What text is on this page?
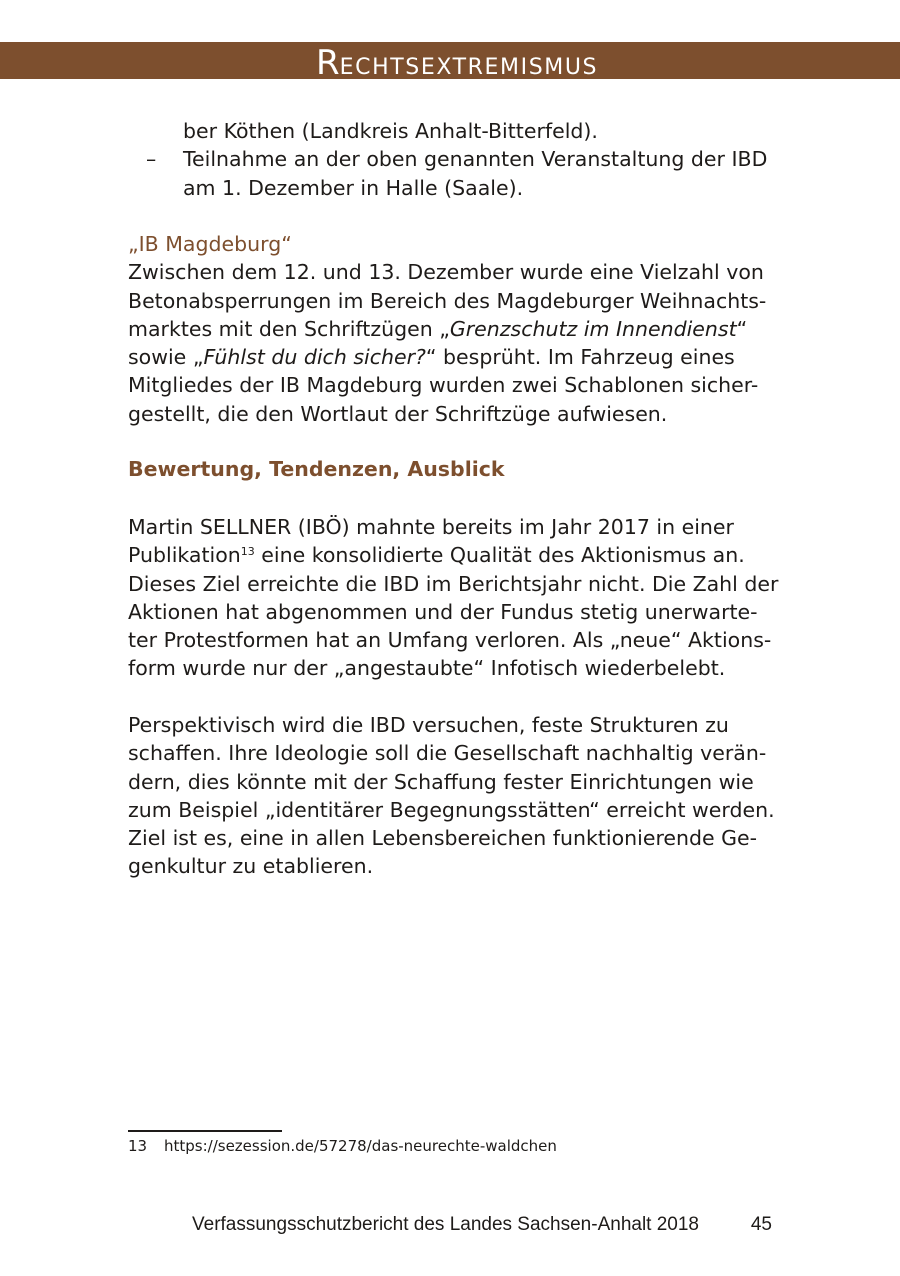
RECHTSEXTREMISMUS
ber Köthen (Landkreis Anhalt-Bitterfeld).
– Teilnahme an der oben genannten Veranstaltung der IBD
am 1. Dezember in Halle (Saale).
„IB Magdeburg“
Zwischen dem 12. und 13. Dezember wurde eine Vielzahl von
Betonabsperrungen im Bereich des Magdeburger Weihnachts-
marktes mit den Schriftzügen „Grenzschutz im Innendienst“
sowie „Fühlst du dich sicher?“ besprüht. Im Fahrzeug eines
Mitgliedes der IB Magdeburg wurden zwei Schablonen sicher-
gestellt, die den Wortlaut der Schriftzüge aufwiesen.
Bewertung, Tendenzen, Ausblick
Martin SELLNER (IBÖ) mahnte bereits im Jahr 2017 in einer
Publikation$^{13}$ eine konsolidierte Qualität des Aktionismus an.
Dieses Ziel erreichte die IBD im Berichtsjahr nicht. Die Zahl der
Aktionen hat abgenommen und der Fundus stetig unerwarte-
ter Protestformen hat an Umfang verloren. Als „neue“ Aktions-
form wurde nur der „angestaubte“ Infotisch wiederbelebt.
Perspektivisch wird die IBD versuchen, feste Strukturen zu
schaffen. Ihre Ideologie soll die Gesellschaft nachhaltig verän-
dern, dies könnte mit der Schaffung fester Einrichtungen wie
zum Beispiel „identitärer Begegnungsstätten“ erreicht werden.
Ziel ist es, eine in allen Lebensbereichen funktionierende Ge-
genkultur zu etablieren.
13 https://sezession.de/57278/das-neurechte-waldchen
Verfassungsschutzbericht des Landes Sachsen-Anhalt 2018	45
